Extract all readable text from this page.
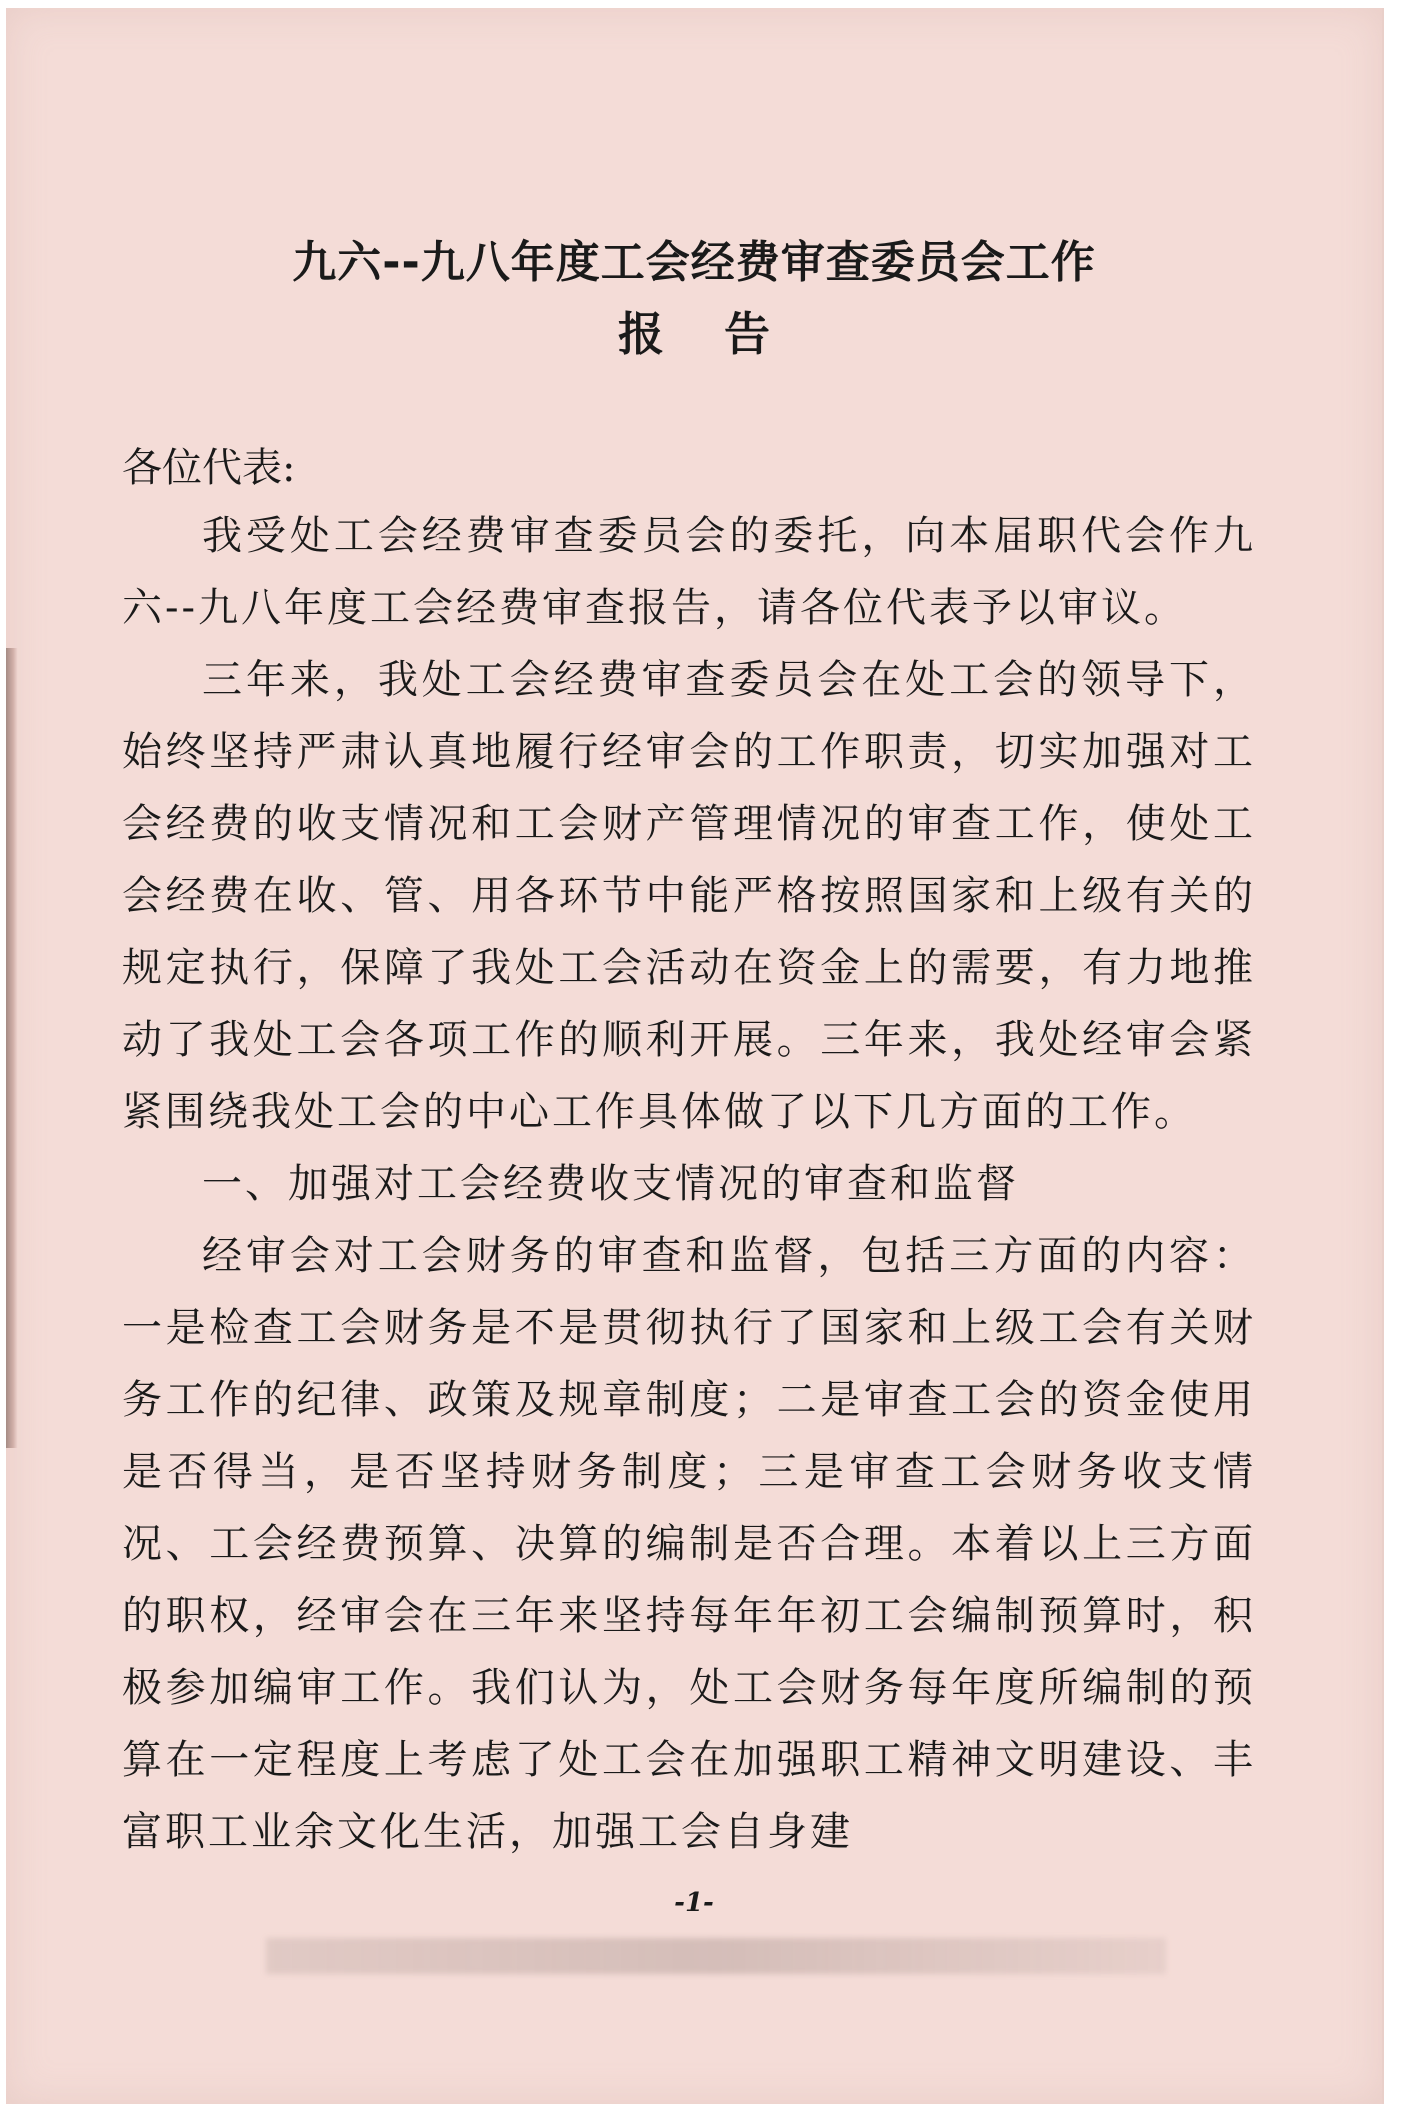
九六--九八年度工会经费审查委员会工作
报告

各位代表:

我受处工会经费审查委员会的委托，向本届职代会作九六--九八年度工会经费审查报告，请各位代表予以审议。

三年来，我处工会经费审查委员会在处工会的领导下，始终坚持严肃认真地履行经审会的工作职责，切实加强对工会经费的收支情况和工会财产管理情况的审查工作，使处工会经费在收、管、用各环节中能严格按照国家和上级有关的规定执行，保障了我处工会活动在资金上的需要，有力地推动了我处工会各项工作的顺利开展。三年来，我处经审会紧紧围绕我处工会的中心工作具体做了以下几方面的工作。

一、加强对工会经费收支情况的审查和监督

经审会对工会财务的审查和监督，包括三方面的内容：一是检查工会财务是不是贯彻执行了国家和上级工会有关财务工作的纪律、政策及规章制度；二是审查工会的资金使用是否得当，是否坚持财务制度；三是审查工会财务收支情况、工会经费预算、决算的编制是否合理。本着以上三方面的职权，经审会在三年来坚持每年年初工会编制预算时，积极参加编审工作。我们认为，处工会财务每年度所编制的预算在一定程度上考虑了处工会在加强职工精神文明建设、丰富职工业余文化生活，加强工会自身建

-1-
